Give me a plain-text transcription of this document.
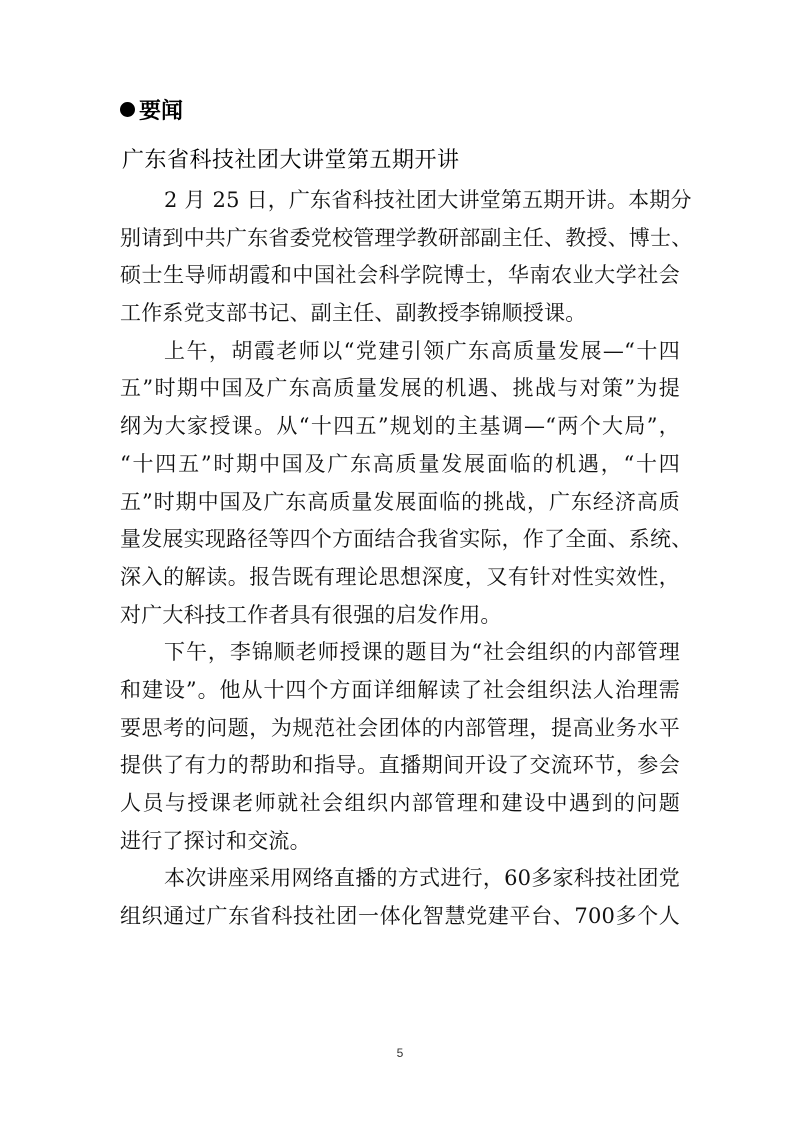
要闻
广东省科技社团大讲堂第五期开讲
2 月 25 日，广东省科技社团大讲堂第五期开讲。本期分
别请到中共广东省委党校管理学教研部副主任、教授、博士、
硕士生导师胡霞和中国社会科学院博士，华南农业大学社会
工作系党支部书记、副主任、副教授李锦顺授课。
上午，胡霞老师以“党建引领广东高质量发展—“十四
五”时期中国及广东高质量发展的机遇、挑战与对策”为提
纲为大家授课。从“十四五”规划的主基调—“两个大局”，
“十四五”时期中国及广东高质量发展面临的机遇，“十四
五”时期中国及广东高质量发展面临的挑战，广东经济高质
量发展实现路径等四个方面结合我省实际，作了全面、系统、
深入的解读。报告既有理论思想深度，又有针对性实效性，
对广大科技工作者具有很强的启发作用。
下午，李锦顺老师授课的题目为“社会组织的内部管理
和建设”。他从十四个方面详细解读了社会组织法人治理需
要思考的问题，为规范社会团体的内部管理，提高业务水平
提供了有力的帮助和指导。直播期间开设了交流环节，参会
人员与授课老师就社会组织内部管理和建设中遇到的问题
进行了探讨和交流。
本次讲座采用网络直播的方式进行，60多家科技社团党
组织通过广东省科技社团一体化智慧党建平台、700多个人
5
